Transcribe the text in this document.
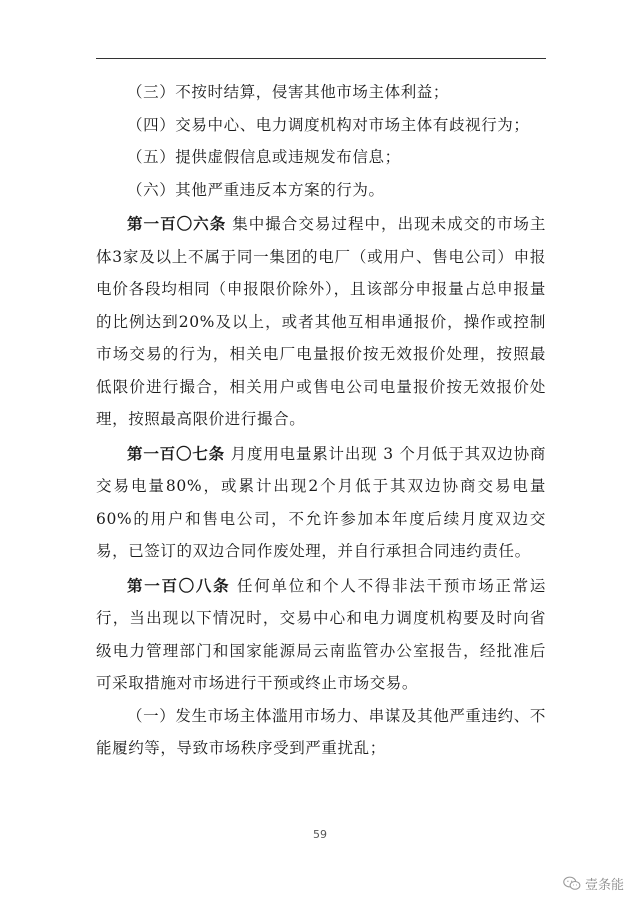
（三）不按时结算，侵害其他市场主体利益；

（四）交易中心、电力调度机构对市场主体有歧视行为；

（五）提供虚假信息或违规发布信息；

（六）其他严重违反本方案的行为。

第一百〇六条 集中撮合交易过程中，出现未成交的市场主体3家及以上不属于同一集团的电厂（或用户、售电公司）申报电价各段均相同（申报限价除外），且该部分申报量占总申报量的比例达到20%及以上，或者其他互相串通报价，操作或控制市场交易的行为，相关电厂电量报价按无效报价处理，按照最低限价进行撮合，相关用户或售电公司电量报价按无效报价处理，按照最高限价进行撮合。

第一百〇七条 月度用电量累计出现 3 个月低于其双边协商交易电量80%，或累计出现2个月低于其双边协商交易电量60%的用户和售电公司，不允许参加本年度后续月度双边交易，已签订的双边合同作废处理，并自行承担合同违约责任。

第一百〇八条 任何单位和个人不得非法干预市场正常运行，当出现以下情况时，交易中心和电力调度机构要及时向省级电力管理部门和国家能源局云南监管办公室报告，经批准后可采取措施对市场进行干预或终止市场交易。

（一）发生市场主体滥用市场力、串谋及其他严重违约、不能履约等，导致市场秩序受到严重扰乱；

59
壹条能
